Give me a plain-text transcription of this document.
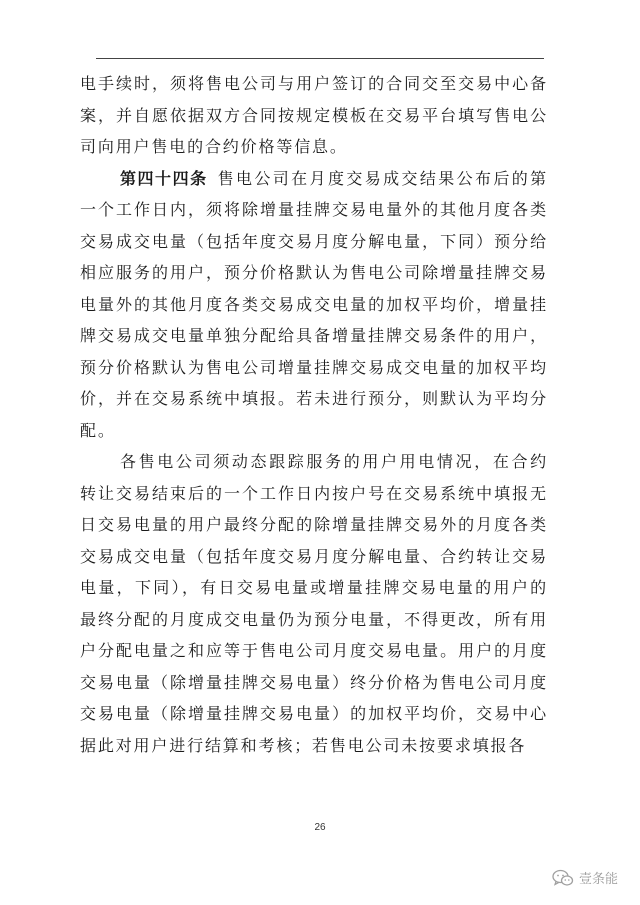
电手续时，须将售电公司与用户签订的合同交至交易中心备案，并自愿依据双方合同按规定模板在交易平台填写售电公司向用户售电的合约价格等信息。

第四十四条 售电公司在月度交易成交结果公布后的第一个工作日内，须将除增量挂牌交易电量外的其他月度各类交易成交电量（包括年度交易月度分解电量，下同）预分给相应服务的用户，预分价格默认为售电公司除增量挂牌交易电量外的其他月度各类交易成交电量的加权平均价，增量挂牌交易成交电量单独分配给具备增量挂牌交易条件的用户，预分价格默认为售电公司增量挂牌交易成交电量的加权平均价，并在交易系统中填报。若未进行预分，则默认为平均分配。

各售电公司须动态跟踪服务的用户用电情况，在合约转让交易结束后的一个工作日内按户号在交易系统中填报无日交易电量的用户最终分配的除增量挂牌交易外的月度各类交易成交电量（包括年度交易月度分解电量、合约转让交易电量，下同），有日交易电量或增量挂牌交易电量的用户的最终分配的月度成交电量仍为预分电量，不得更改，所有用户分配电量之和应等于售电公司月度交易电量。用户的月度交易电量（除增量挂牌交易电量）终分价格为售电公司月度交易电量（除增量挂牌交易电量）的加权平均价，交易中心据此对用户进行结算和考核；若售电公司未按要求填报各

26
壹条能
